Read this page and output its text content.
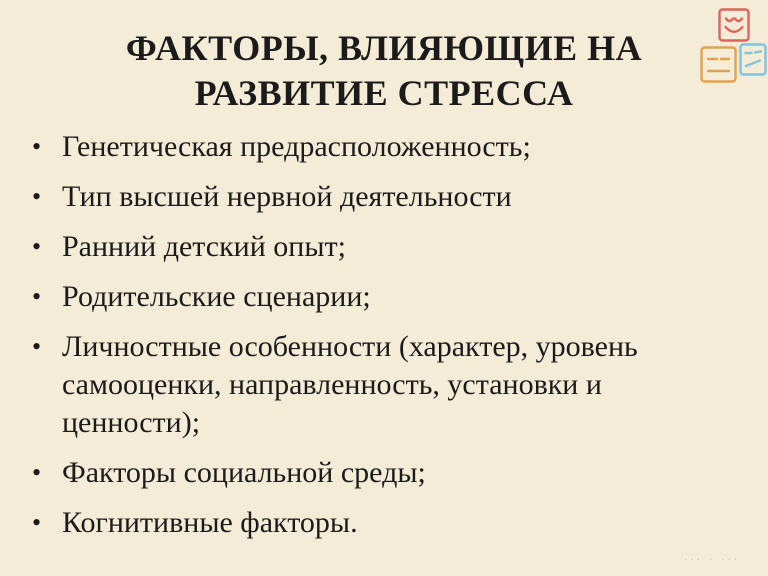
ФАКТОРЫ, ВЛИЯЮЩИЕ НА
РАЗВИТИЕ СТРЕССА
• Генетическая предрасположенность;
• Тип высшей нервной деятельности
• Ранний детский опыт;
• Родительские сценарии;
• Личностные особенности (характер, уровень самооценки, направленность, установки и ценности);
• Факторы социальной среды;
• Когнитивные факторы.
··· · ···
